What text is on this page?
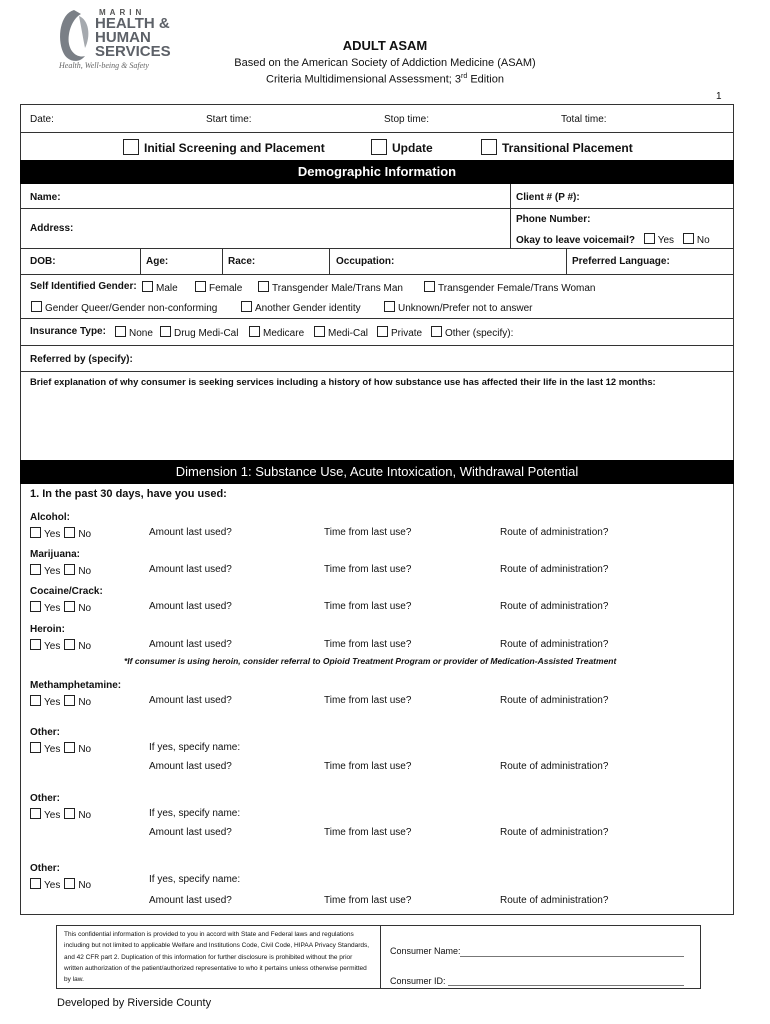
MARIN
HEALTH &
HUMAN
SERVICES
Health, Well-being & Safety
ADULT ASAM
Based on the American Society of Addiction Medicine (ASAM)
Criteria Multidimensional Assessment; 3rd Edition
1
Date:	Start time:	Stop time:	Total time:
Initial Screening and Placement	Update	Transitional Placement
Demographic Information
Name:	Client # (P #):
Address:
Phone Number:
Okay to leave voicemail? Yes No
DOB:	Age:	Race:	Occupation:	Preferred Language:
Self Identified Gender:	Male	Female	Transgender Male/Trans Man	Transgender Female/Trans Woman
Gender Queer/Gender non-conforming	Another Gender identity	Unknown/Prefer not to answer
Insurance Type:	None	Drug Medi-Cal	Medicare	Medi-Cal	Private	Other (specify):
Referred by (specify):
Brief explanation of why consumer is seeking services including a history of how substance use has affected their life in the last 12 months:
Dimension 1: Substance Use, Acute Intoxication, Withdrawal Potential
1. In the past 30 days, have you used:
Alcohol:
Yes No	Amount last used?	Time from last use?	Route of administration?
Marijuana:
Yes No	Amount last used?	Time from last use?	Route of administration?
Cocaine/Crack:
Yes No	Amount last used?	Time from last use?	Route of administration?
Heroin:
Yes No	Amount last used?	Time from last use?	Route of administration?
Methamphetamine:
Yes No	Amount last used?	Time from last use?	Route of administration?
Other:
Yes No	If yes, specify name:
Amount last used?	Time from last use?	Route of administration?
Other:
Yes No	If yes, specify name:
Amount last used?	Time from last use?	Route of administration?
Other:
Yes No
If yes, specify name:
Amount last used?	Time from last use?	Route of administration?
*If consumer is using heroin, consider referral to Opioid Treatment Program or provider of Medication-Assisted Treatment
This confidential information is provided to you in accord with State and Federal laws and regulations including but not limited to applicable Welfare and Institutions Code, Civil Code, HIPAA Privacy Standards, and 42 CFR part 2. Duplication of this information for further disclosure is prohibited without the prior written authorization of the patient/authorized representative to who it pertains unless otherwise permitted by law.
Consumer Name:
Consumer ID:
Developed by Riverside County
